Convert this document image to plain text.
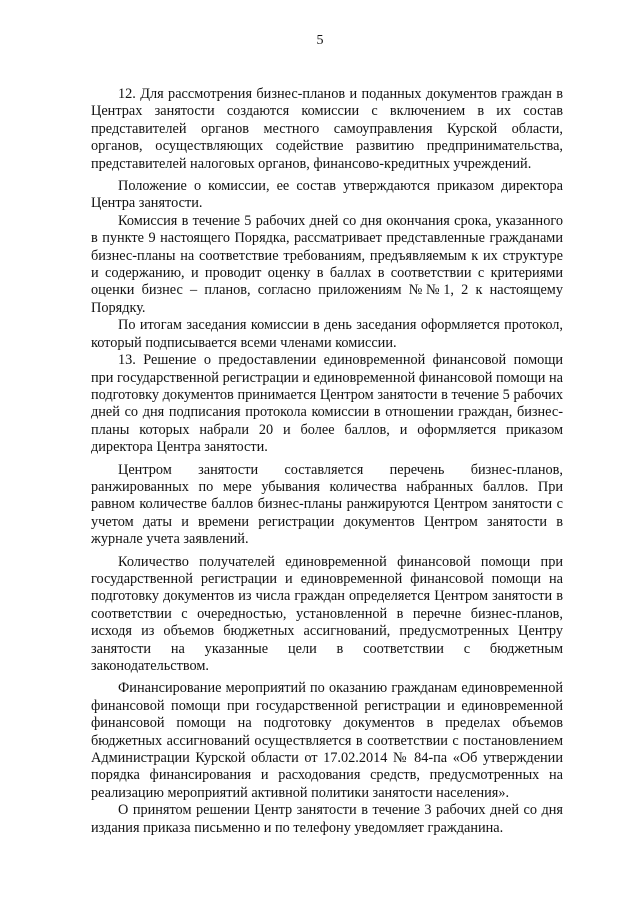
5

12. Для рассмотрения бизнес-планов и поданных документов граждан в Центрах занятости создаются комиссии с включением в их состав представителей органов местного самоуправления Курской области, органов, осуществляющих содействие развитию предпринимательства, представителей налоговых органов, финансово-кредитных учреждений.

Положение о комиссии, ее состав утверждаются приказом директора Центра занятости.

Комиссия в течение 5 рабочих дней со дня окончания срока, указанного в пункте 9 настоящего Порядка, рассматривает представленные гражданами бизнес-планы на соответствие требованиям, предъявляемым к их структуре и содержанию, и проводит оценку в баллах в соответствии с критериями оценки бизнес – планов, согласно приложениям №№1, 2 к настоящему Порядку.

По итогам заседания комиссии в день заседания оформляется протокол, который подписывается всеми членами комиссии.

13. Решение о предоставлении единовременной финансовой помощи при государственной регистрации и единовременной финансовой помощи на подготовку документов принимается Центром занятости в течение 5 рабочих дней со дня подписания протокола комиссии в отношении граждан, бизнес-планы которых набрали 20 и более баллов, и оформляется приказом директора Центра занятости.

Центром занятости составляется перечень бизнес-планов, ранжированных по мере убывания количества набранных баллов. При равном количестве баллов бизнес-планы ранжируются Центром занятости с учетом даты и времени регистрации документов Центром занятости в журнале учета заявлений.

Количество получателей единовременной финансовой помощи при государственной регистрации и единовременной финансовой помощи на подготовку документов из числа граждан определяется Центром занятости в соответствии с очередностью, установленной в перечне бизнес-планов, исходя из объемов бюджетных ассигнований, предусмотренных Центру занятости на указанные цели в соответствии с бюджетным законодательством.

Финансирование мероприятий по оказанию гражданам единовременной финансовой помощи при государственной регистрации и единовременной финансовой помощи на подготовку документов в пределах объемов бюджетных ассигнований осуществляется в соответствии с постановлением Администрации Курской области от 17.02.2014 № 84-па «Об утверждении порядка финансирования и расходования средств, предусмотренных на реализацию мероприятий активной политики занятости населения».

О принятом решении Центр занятости в течение 3 рабочих дней со дня издания приказа письменно и по телефону уведомляет гражданина.
